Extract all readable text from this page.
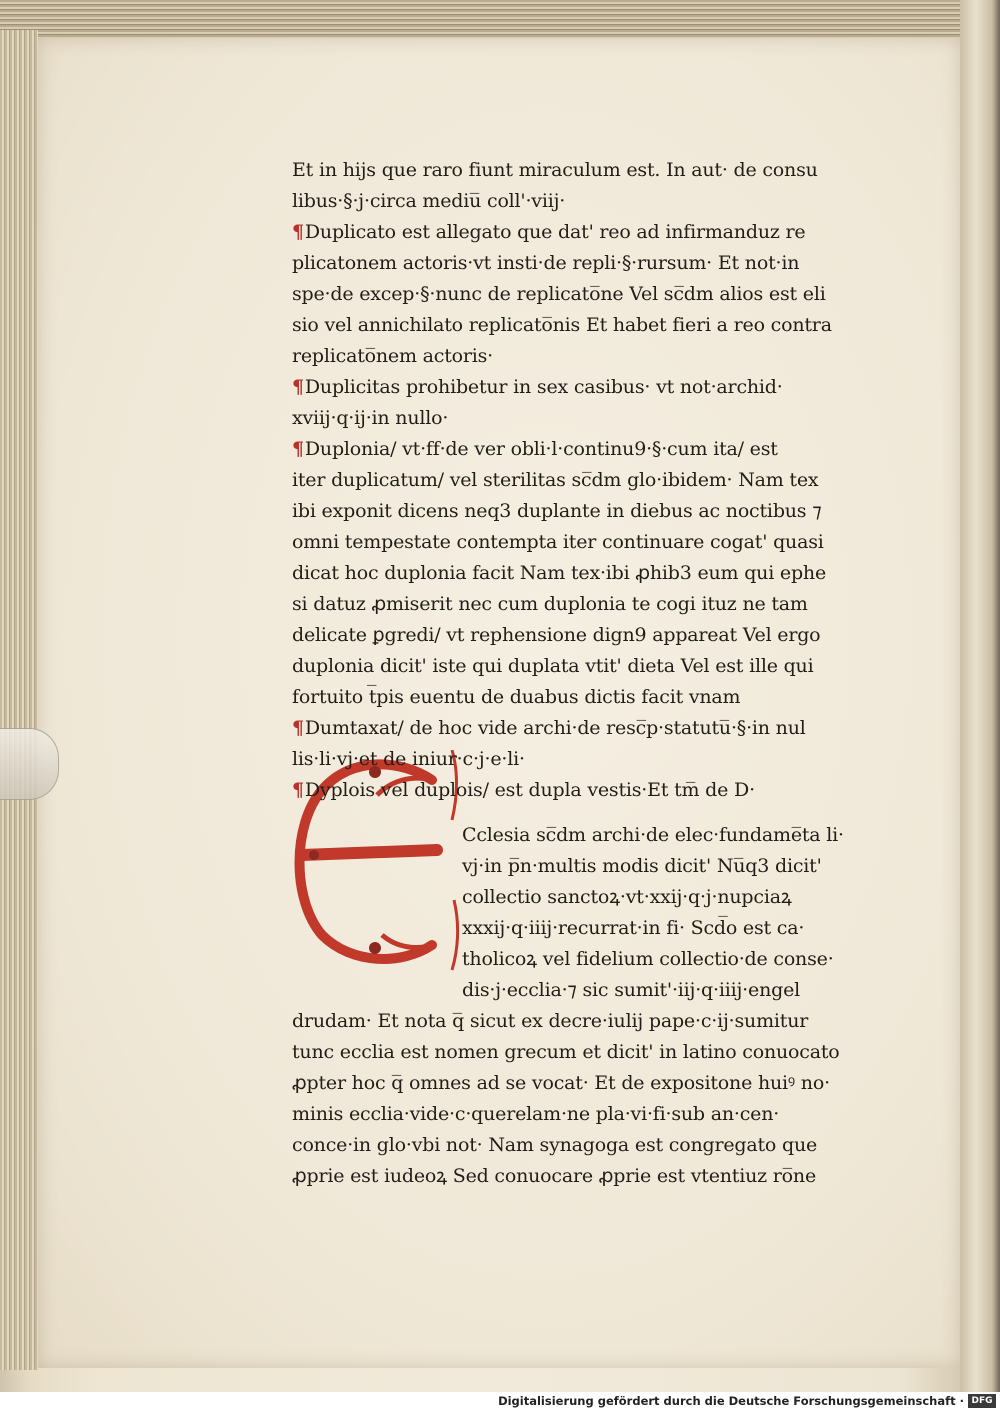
Et in hijs que raro fiunt miraculum est. In aut· de consu
libus·§·j·circa mediu̅ coll'·viij·
¶Duplicato est allegato que dat' reo ad infirmanduz re
plicatonem actoris·vt insti·de repli·§·rursum· Et not·in
spe·de excep·§·nunc de replicato̅ne Vel sc̅dm alios est eli
sio vel annichilato replicato̅nis Et habet fieri a reo contra
replicato̅nem actoris·
¶Duplicitas prohibetur in sex casibus· vt not·archid·
xviij·q·ij·in nullo·
¶Duplonia/ vt·ff·de ver obli·l·continu9·§·cum ita/ est
iter duplicatum/ vel sterilitas sc̅dm glo·ibidem· Nam tex
ibi exponit dicens neq3 duplante in diebus ac noctibus ⁊
omni tempestate contempta iter continuare cogat' quasi
dicat hoc duplonia facit Nam tex·ibi ꝓhib3 eum qui ephe
si datuz ꝓmiserit nec cum duplonia te cogi ituz ne tam
delicate ꝑgredi/ vt rephensione dign9 appareat Vel ergo
duplonia dicit' iste qui duplata vtit' dieta Vel est ille qui
fortuito t̅pis euentu de duabus dictis facit vnam
¶Dumtaxat/ de hoc vide archi·de resc̅p·statutu̅·§·in nul
lis·li·vj·et de iniur·c·j·e·li·
¶Dyplois vel duplois/ est dupla vestis·Et tm̅ de D·
Cclesia sc̅dm archi·de elec·fundame̅ta li·
vj·in p̅n·multis modis dicit' Nu̅q3 dicit'
collectio sanctoꝝ·vt·xxij·q·j·nupciaꝝ
xxxij·q·iiij·recurrat·in fi· Scd̅o est ca·
tholicoꝝ vel fidelium collectio·de conse·
dis·j·ecclia·⁊ sic sumit'·iij·q·iiij·engel
drudam· Et nota q̅ sicut ex decre·iulij pape·c·ij·sumitur
tunc ecclia est nomen grecum et dicit' in latino conuocato
ꝓpter hoc q̅ omnes ad se vocat· Et de expositone huiꝰ no·
minis ecclia·vide·c·querelam·ne pla·vi·fi·sub an·cen·
conce·in glo·vbi not· Nam synagoga est congregato que
ꝓprie est iudeoꝝ Sed conuocare ꝓprie est vtentiuz ro̅ne
Digitalisierung gefördert durch die Deutsche Forschungsgemeinschaft · DFG
